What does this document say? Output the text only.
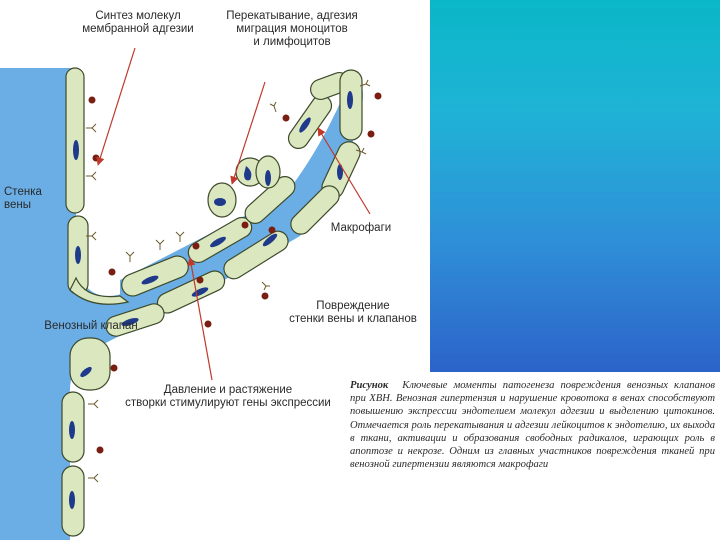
Синтез молекул
мембранной адгезии
Перекатывание, адгезия
миграция моноцитов
и лимфоцитов
Стенка
вены
Макрофаги
Повреждение
стенки вены и клапанов
Венозный клапан
Давление и растяжение
створки стимулируют гены экспрессии
Рисунок Ключевые моменты патогенеза повреждения венозных клапанов при ХВН. Венозная гипертензия и нарушение кровотока в венах способствуют повышению экспрессии эндотелием молекул адгезии и выделению цитокинов. Отмечается роль перекатывания и адгезии лейкоцитов к эндотелию, их выхода в ткани, активации и образования свободных радикалов, играющих роль в апоптозе и некрозе. Одним из главных участников повреждения тканей при венозной гипертензии являются макрофаги
